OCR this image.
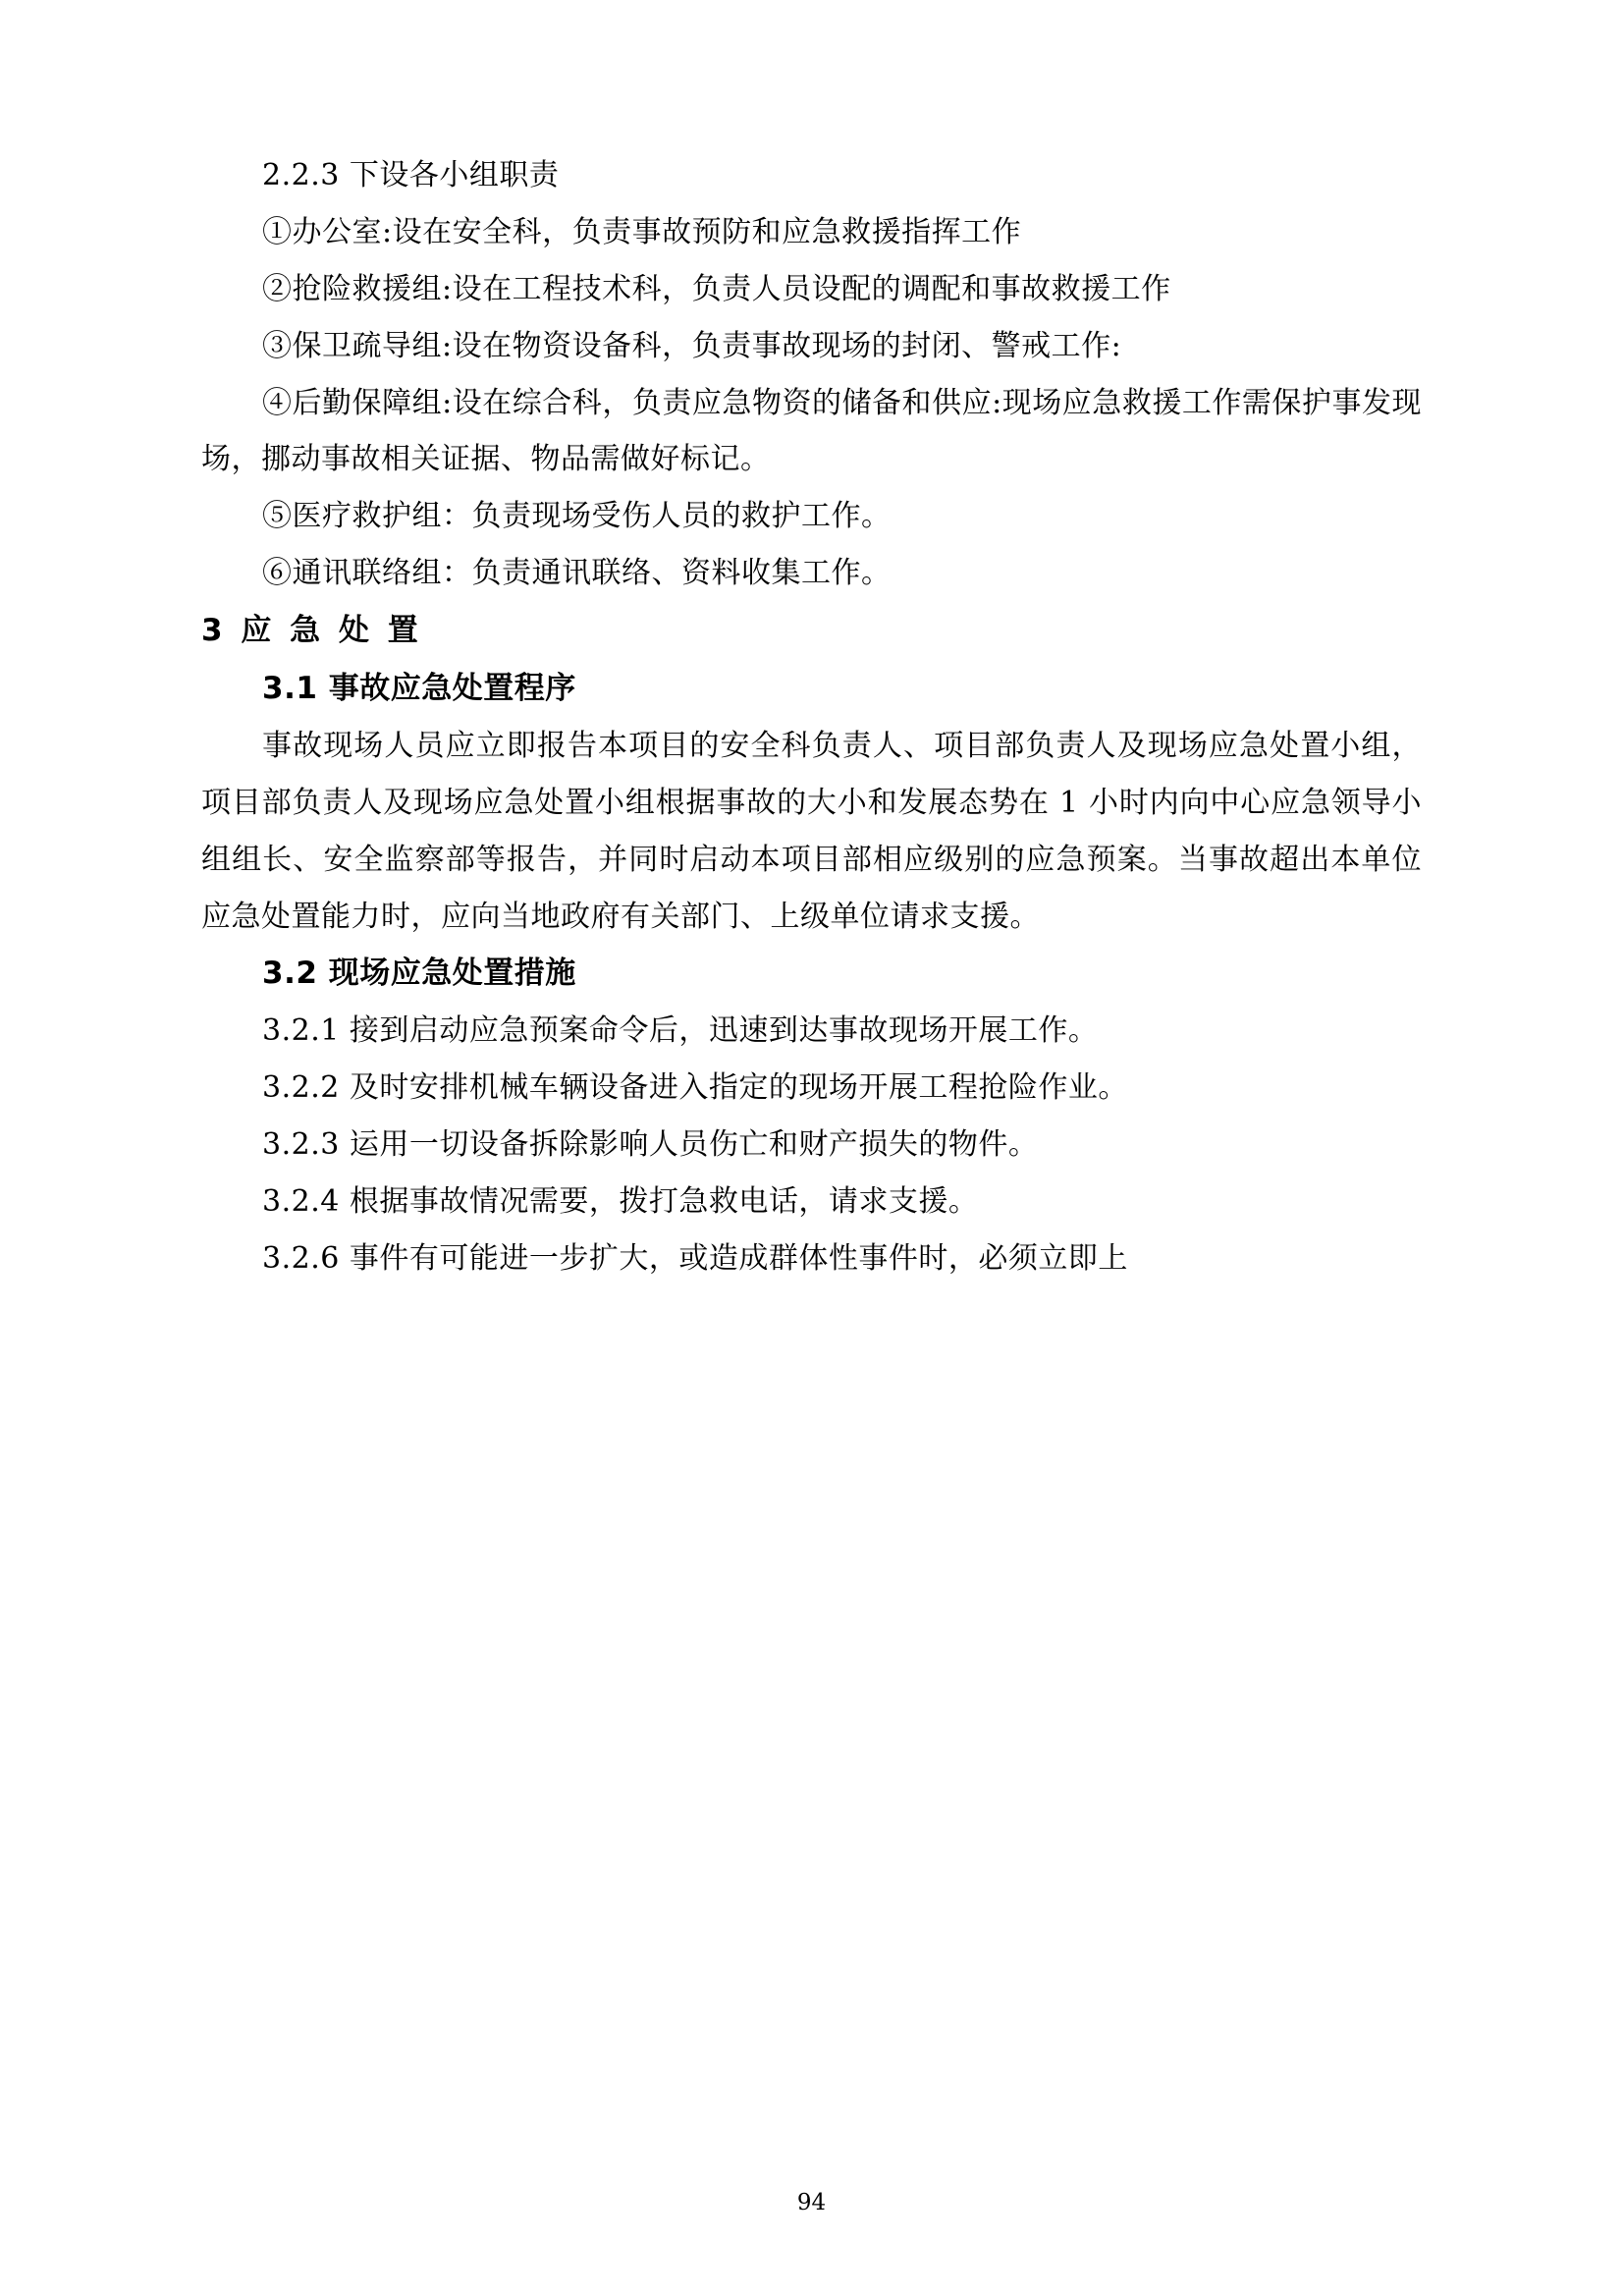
2.2.3 下设各小组职责

①办公室:设在安全科，负责事故预防和应急救援指挥工作

②抢险救援组:设在工程技术科，负责人员设配的调配和事故救援工作

③保卫疏导组:设在物资设备科，负责事故现场的封闭、警戒工作:

④后勤保障组:设在综合科，负责应急物资的储备和供应:现场应急救援工作需保护事发现场，挪动事故相关证据、物品需做好标记。

⑤医疗救护组：负责现场受伤人员的救护工作。

⑥通讯联络组：负责通讯联络、资料收集工作。

3 应 急 处 置

3.1 事故应急处置程序

事故现场人员应立即报告本项目的安全科负责人、项目部负责人及现场应急处置小组，项目部负责人及现场应急处置小组根据事故的大小和发展态势在 1 小时内向中心应急领导小组组长、安全监察部等报告，并同时启动本项目部相应级别的应急预案。当事故超出本单位应急处置能力时，应向当地政府有关部门、上级单位请求支援。

3.2 现场应急处置措施

3.2.1 接到启动应急预案命令后，迅速到达事故现场开展工作。

3.2.2 及时安排机械车辆设备进入指定的现场开展工程抢险作业。

3.2.3 运用一切设备拆除影响人员伤亡和财产损失的物件。

3.2.4 根据事故情况需要，拨打急救电话，请求支援。

3.2.6 事件有可能进一步扩大，或造成群体性事件时，必须立即上

94
